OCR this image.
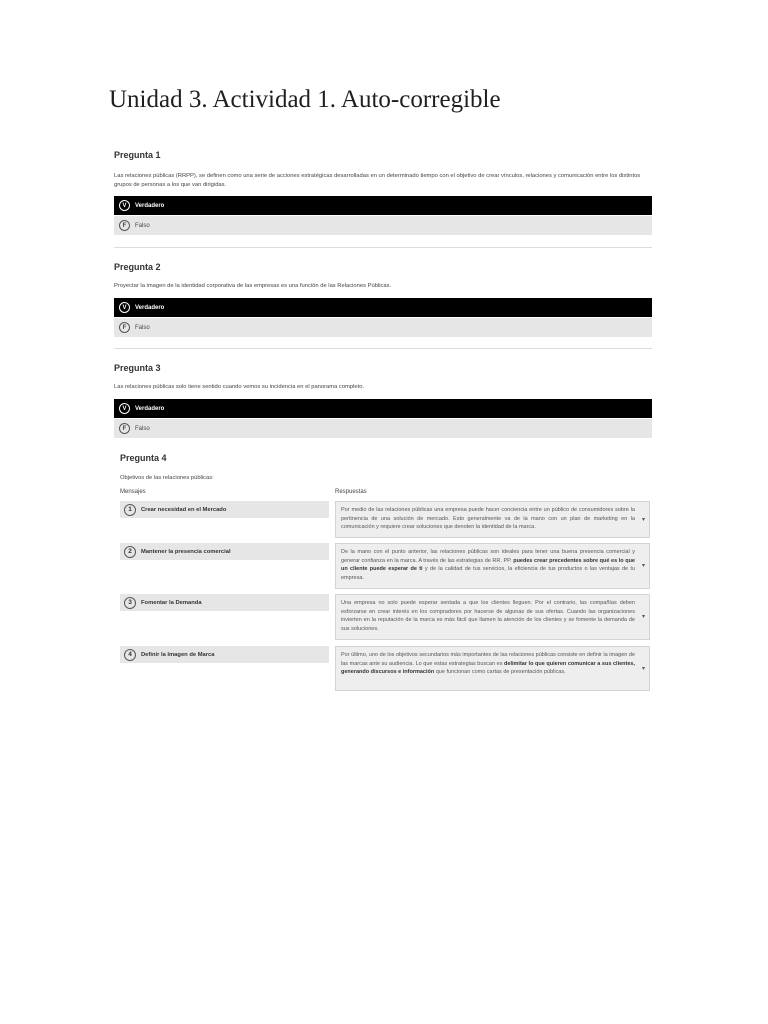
Unidad 3. Actividad 1. Auto-corregible
Pregunta 1
Las relaciones públicas (RRPP), se definen como una serie de acciones estratégicas desarrolladas en un determinado tiempo con el objetivo de crear vínculos, relaciones y comunicación entre los distintos grupos de personas a los que van dirigidas.
V	Verdadero
F	Falso
Pregunta 2
Proyectar la imagen de la identidad corporativa de las empresas es una función de las Relaciones Públicas.
V	Verdadero
F	Falso
Pregunta 3
Las relaciones públicas solo tiene sentido cuando vemos su incidencia en el panorama completo.
V	Verdadero
F	Falso
Pregunta 4
Objetivos de las relaciones públicas:
Mensajes	Respuestas
1	Crear necesidad en el Mercado	Por medio de las relaciones públicas una empresa puede hacer conciencia entre un público de consumidores sobre la pertinencia de una solución de mercado. Esto generalmente va de la mano con un plan de marketing en la comunicación y requiere crear soluciones que denoten la identidad de la marca.
▾
2	Mantener la presencia comercial	De la mano con el punto anterior, las relaciones públicas son ideales para tener una buena presencia comercial y generar confianza en la marca. A través de las estrategias de RR. PP. puedes crear precedentes sobre qué es lo que un cliente puede esperar de ti y de la calidad de tus servicios, la eficiencia de tus productos o las ventajas de tu empresa.
▾
3	Fomentar la Demanda	Una empresa no solo puede esperar sentada a que los clientes lleguen. Por el contrario, las compañías deben esforzarse en crear interés en los compradores por hacerse de algunas de sus ofertas. Cuando las organizaciones invierten en la reputación de la marca es más fácil que llamen la atención de los clientes y se fomente la demanda de sus soluciones.
▾
4	Definir la Imagen de Marca	Por último, uno de los objetivos secundarios más importantes de las relaciones públicas consiste en definir la imagen de las marcas ante su audiencia. Lo que estas estrategias buscan es delimitar lo que quieren comunicar a sus clientes, generando discursos e información que funcionan como cartas de presentación públicas.
▾
